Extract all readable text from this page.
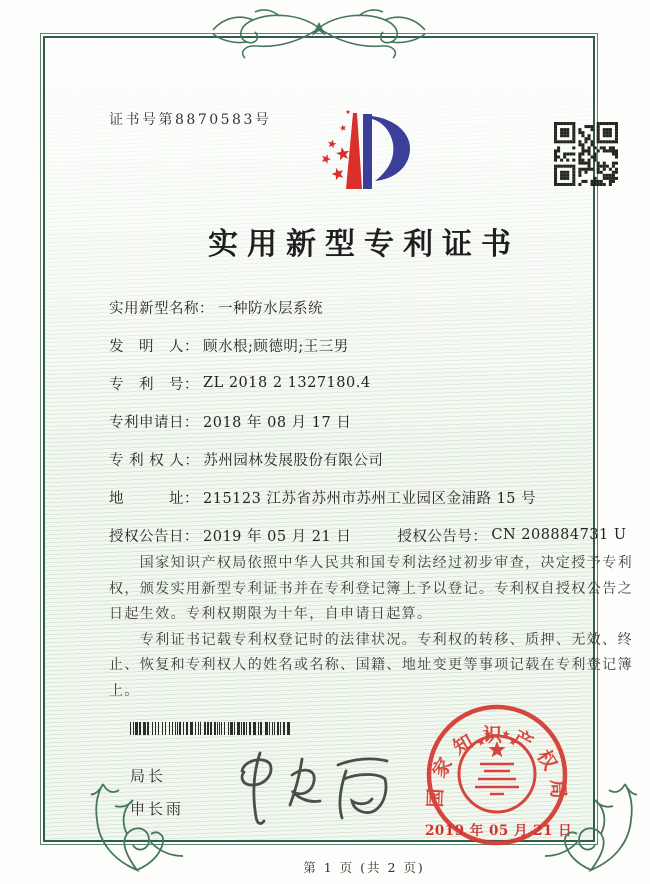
证书号第8870583号
实用新型专利证书
实用新型名称： 一种防水层系统
发　明　人： 顾水根;顾德明;王三男
专　利　号： ZL 2018 2 1327180.4
专利申请日： 2018 年 08 月 17 日
专 利 权 人： 苏州园林发展股份有限公司
地　　　址： 215123 江苏省苏州市苏州工业园区金浦路 15 号
授权公告日： 2019 年 05 月 21 日	授权公告号： CN 208884731 U

国家知识产权局依照中华人民共和国专利法经过初步审查，决定授予专利权，颁发实用新型专利证书并在专利登记簿上予以登记。专利权自授权公告之日起生效。专利权期限为十年，自申请日起算。

专利证书记载专利权登记时的法律状况。专利权的转移、质押、无效、终止、恢复和专利权人的姓名或名称、国籍、地址变更等事项记载在专利登记簿上。

局长
申长雨
国家知识产权局
2019 年 05 月 21 日
第 1 页 (共 2 页)
